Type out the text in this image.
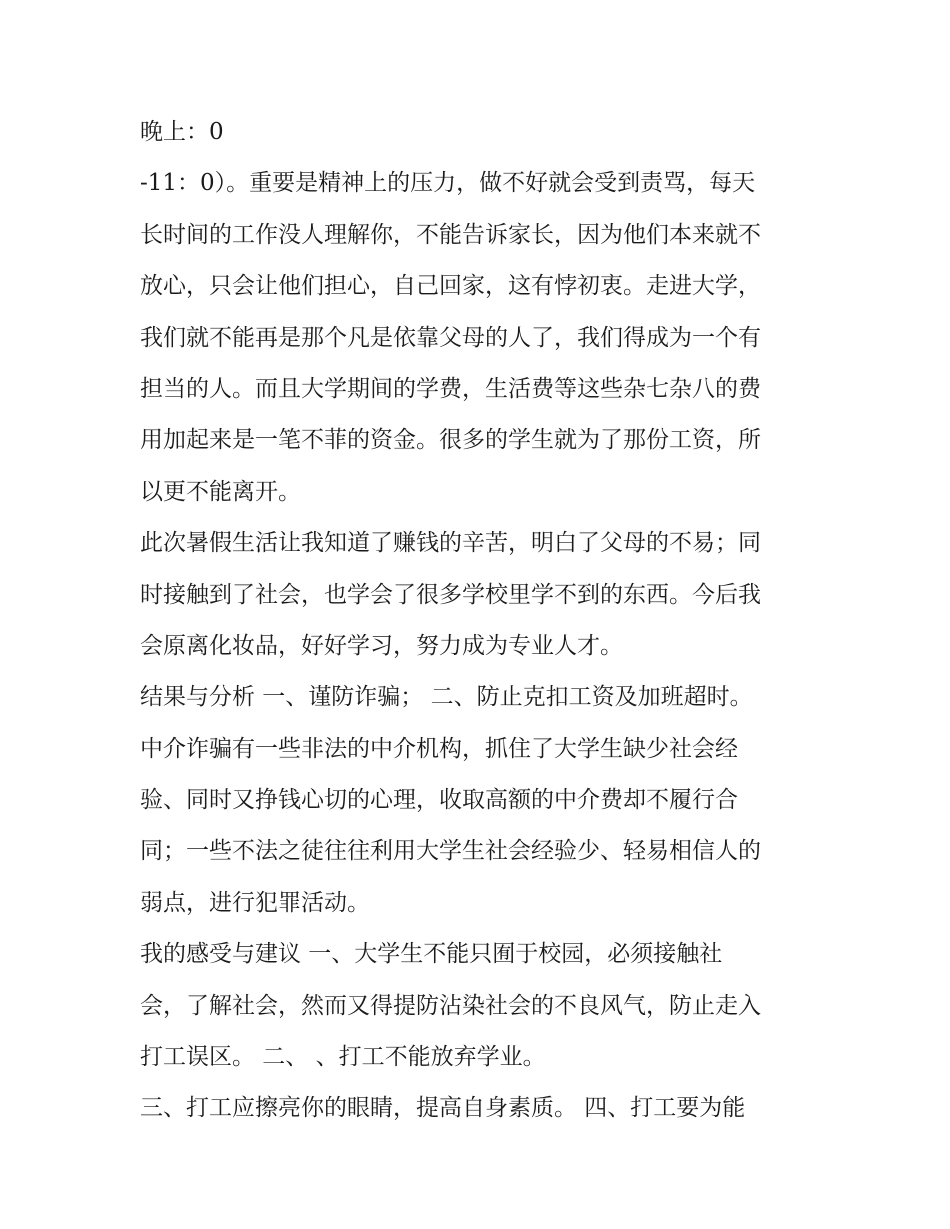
晚上：0
-11：0）。重要是精神上的压力，做不好就会受到责骂，每天
长时间的工作没人理解你，不能告诉家长，因为他们本来就不
放心，只会让他们担心，自己回家，这有悖初衷。走进大学，
我们就不能再是那个凡是依靠父母的人了，我们得成为一个有
担当的人。而且大学期间的学费，生活费等这些杂七杂八的费
用加起来是一笔不菲的资金。很多的学生就为了那份工资，所
以更不能离开。
此次暑假生活让我知道了赚钱的辛苦，明白了父母的不易；同
时接触到了社会，也学会了很多学校里学不到的东西。今后我
会原离化妆品，好好学习，努力成为专业人才。
结果与分析 一、谨防诈骗； 二、防止克扣工资及加班超时。
中介诈骗有一些非法的中介机构，抓住了大学生缺少社会经
验、同时又挣钱心切的心理，收取高额的中介费却不履行合
同；一些不法之徒往往利用大学生社会经验少、轻易相信人的
弱点，进行犯罪活动。
我的感受与建议 一、大学生不能只囿于校园，必须接触社
会，了解社会，然而又得提防沾染社会的不良风气，防止走入
打工误区。 二、 、打工不能放弃学业。
三、打工应擦亮你的眼睛，提高自身素质。 四、打工要为能
